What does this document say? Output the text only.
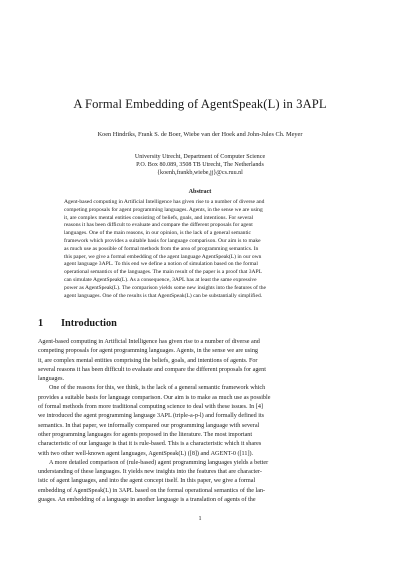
A Formal Embedding of AgentSpeak(L) in 3APL
Koen Hindriks, Frank S. de Boer, Wiebe van der Hoek and John-Jules Ch. Meyer
University Utrecht, Department of Computer Science
P.O. Box 80.089, 3508 TB Utrecht, The Netherlands
{koenh,frankb,wiebe,jj}@cs.ruu.nl
Abstract
Agent-based computing in Artificial Intelligence has given rise to a number of diverse and
competing proposals for agent programming languages. Agents, in the sense we are using
it, are complex mental entities consisting of beliefs, goals, and intentions. For several
reasons it has been difficult to evaluate and compare the different proposals for agent
languages. One of the main reasons, in our opinion, is the lack of a general semantic
framework which provides a suitable basis for language comparison. Our aim is to make
as much use as possible of formal methods from the area of programming semantics. In
this paper, we give a formal embedding of the agent language AgentSpeak(L) in our own
agent language 3APL. To this end we define a notion of simulation based on the formal
operational semantics of the languages. The main result of the paper is a proof that 3APL
can simulate AgentSpeak(L). As a consequence, 3APL has at least the same expressive
power as AgentSpeak(L). The comparison yields some new insights into the features of the
agent languages. One of the results is that AgentSpeak(L) can be substantially simplified.
1 Introduction
Agent-based computing in Artificial Intelligence has given rise to a number of diverse and
competing proposals for agent programming languages. Agents, in the sense we are using
it, are complex mental entities comprising the beliefs, goals, and intentions of agents. For
several reasons it has been difficult to evaluate and compare the different proposals for agent
languages.
One of the reasons for this, we think, is the lack of a general semantic framework which
provides a suitable basis for language comparison. Our aim is to make as much use as possible
of formal methods from more traditional computing science to deal with these issues. In [4]
we introduced the agent programming language 3APL (triple-a-p-l) and formally defined its
semantics. In that paper, we informally compared our programming language with several
other programming languages for agents proposed in the literature. The most important
characteristic of our language is that it is rule-based. This is a characteristic which it shares
with two other well-known agent languages, AgentSpeak(L) ([8]) and AGENT-0 ([11]).
A more detailed comparison of (rule-based) agent programming languages yields a better
understanding of these languages. It yields new insights into the features that are character-
istic of agent languages, and into the agent concept itself. In this paper, we give a formal
embedding of AgentSpeak(L) in 3APL based on the formal operational semantics of the lan-
guages. An embedding of a language in another language is a translation of agents of the
1
